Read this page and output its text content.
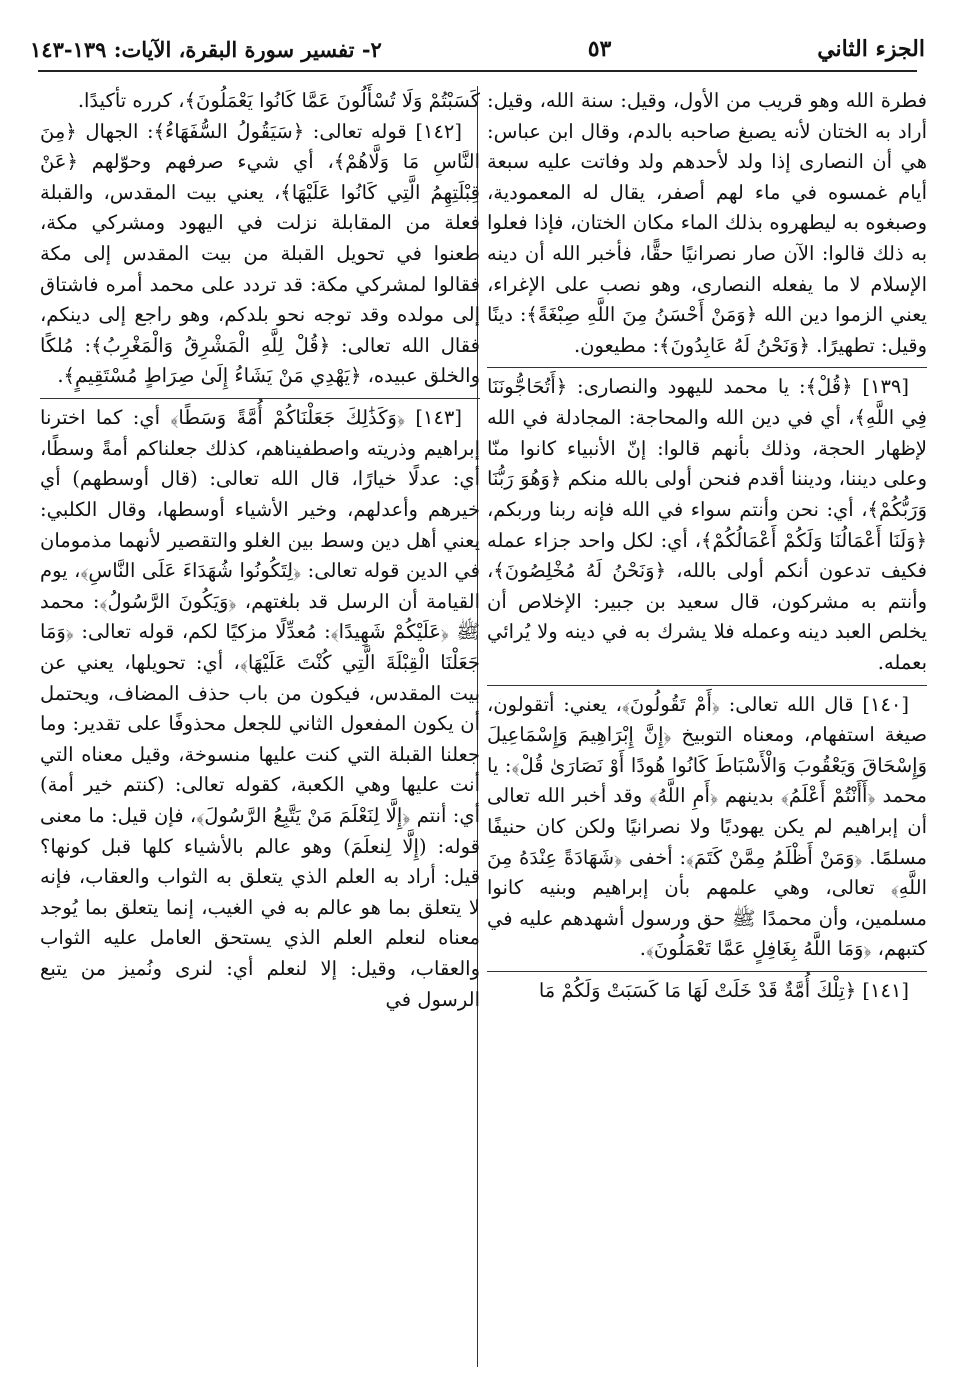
الجزء الثاني
٥٣
٢- تفسير سورة البقرة، الآيات: ١٣٩-١٤٣

فطرة الله وهو قريب من الأول، وقيل: سنة الله، وقيل: أراد به الختان لأنه يصبغ صاحبه بالدم، وقال ابن عباس: هي أن النصارى إذا ولد لأحدهم ولد وفاتت عليه سبعة أيام غمسوه في ماء لهم أصفر، يقال له المعمودية، وصبغوه به ليطهروه بذلك الماء مكان الختان، فإذا فعلوا به ذلك قالوا: الآن صار نصرانيًا حقًّا، فأخبر الله أن دينه الإسلام لا ما يفعله النصارى، وهو نصب على الإغراء، يعني الزموا دين الله ﴿وَمَنْ أَحْسَنُ مِنَ اللَّهِ صِبْغَةً﴾: دينًا وقيل: تطهيرًا. ﴿وَنَحْنُ لَهُ عَابِدُونَ﴾: مطيعون.

[١٣٩] ﴿قُلْ﴾: يا محمد لليهود والنصارى: ﴿أَتُحَاجُّونَنَا فِي اللَّهِ﴾، أي في دين الله والمحاجة: المجادلة في الله لإظهار الحجة، وذلك بأنهم قالوا: إنّ الأنبياء كانوا منّا وعلى ديننا، وديننا أقدم فنحن أولى بالله منكم ﴿وَهُوَ رَبُّنَا وَرَبُّكُمْ﴾، أي: نحن وأنتم سواء في الله فإنه ربنا وربكم، ﴿وَلَنَا أَعْمَالُنَا وَلَكُمْ أَعْمَالُكُمْ﴾، أي: لكل واحد جزاء عمله فكيف تدعون أنكم أولى بالله، ﴿وَنَحْنُ لَهُ مُخْلِصُونَ﴾، وأنتم به مشركون، قال سعيد بن جبير: الإخلاص أن يخلص العبد دينه وعمله فلا يشرك به في دينه ولا يُرائي بعمله.

[١٤٠] قال الله تعالى: ﴿أَمْ تَقُولُونَ﴾، يعني: أتقولون، صيغة استفهام، ومعناه التوبيخ ﴿إِنَّ إِبْرَاهِيمَ وَإِسْمَاعِيلَ وَإِسْحَاقَ وَيَعْقُوبَ وَالْأَسْبَاطَ كَانُوا هُودًا أَوْ نَصَارَىٰ قُلْ﴾: يا محمد ﴿أَأَنْتُمْ أَعْلَمُ﴾ بدينهم ﴿أَمِ اللَّهُ﴾ وقد أخبر الله تعالى أن إبراهيم لم يكن يهوديًا ولا نصرانيًا ولكن كان حنيفًا مسلمًا. ﴿وَمَنْ أَظْلَمُ مِمَّنْ كَتَمَ﴾: أخفى ﴿شَهَادَةً عِنْدَهُ مِنَ اللَّهِ﴾ تعالى، وهي علمهم بأن إبراهيم وبنيه كانوا مسلمين، وأن محمدًا ﷺ حق ورسول أشهدهم عليه في كتبهم، ﴿وَمَا اللَّهُ بِغَافِلٍ عَمَّا تَعْمَلُونَ﴾.

[١٤١] ﴿تِلْكَ أُمَّةٌ قَدْ خَلَتْ لَهَا مَا كَسَبَتْ وَلَكُمْ مَا

كَسَبْتُمْ وَلَا تُسْأَلُونَ عَمَّا كَانُوا يَعْمَلُونَ﴾، كرره تأكيدًا.

[١٤٢] قوله تعالى: ﴿سَيَقُولُ السُّفَهَاءُ﴾: الجهال ﴿مِنَ النَّاسِ مَا وَلَّاهُمْ﴾، أي شيء صرفهم وحوّلهم ﴿عَنْ قِبْلَتِهِمُ الَّتِي كَانُوا عَلَيْهَا﴾، يعني بيت المقدس، والقبلة فعلة من المقابلة نزلت في اليهود ومشركي مكة، طعنوا في تحويل القبلة من بيت المقدس إلى مكة فقالوا لمشركي مكة: قد تردد على محمد أمره فاشتاق إلى مولده وقد توجه نحو بلدكم، وهو راجع إلى دينكم، فقال الله تعالى: ﴿قُلْ لِلَّهِ الْمَشْرِقُ وَالْمَغْرِبُ﴾: مُلكًا والخلق عبيده، ﴿يَهْدِي مَنْ يَشَاءُ إِلَىٰ صِرَاطٍ مُسْتَقِيمٍ﴾.

[١٤٣] ﴿وَكَذَٰلِكَ جَعَلْنَاكُمْ أُمَّةً وَسَطًا﴾ أي: كما اخترنا إبراهيم وذريته واصطفيناهم، كذلك جعلناكم أمةً وسطًا، أي: عدلًا خيارًا، قال الله تعالى: (قال أوسطهم) أي خيرهم وأعدلهم، وخير الأشياء أوسطها، وقال الكلبي: يعني أهل دين وسط بين الغلو والتقصير لأنهما مذمومان في الدين قوله تعالى: ﴿لِتَكُونُوا شُهَدَاءَ عَلَى النَّاسِ﴾، يوم القيامة أن الرسل قد بلغتهم، ﴿وَيَكُونَ الرَّسُولُ﴾: محمد ﷺ ﴿عَلَيْكُمْ شَهِيدًا﴾: مُعدِّلًا مزكيًا لكم، قوله تعالى: ﴿وَمَا جَعَلْنَا الْقِبْلَةَ الَّتِي كُنْتَ عَلَيْهَا﴾، أي: تحويلها، يعني عن بيت المقدس، فيكون من باب حذف المضاف، ويحتمل أن يكون المفعول الثاني للجعل محذوفًا على تقدير: وما جعلنا القبلة التي كنت عليها منسوخة، وقيل معناه التي أنت عليها وهي الكعبة، كقوله تعالى: (كنتم خير أمة) أي: أنتم ﴿إِلَّا لِنَعْلَمَ مَنْ يَتَّبِعُ الرَّسُولَ﴾، فإن قيل: ما معنى قوله: (إِلَّا لِنعلَمَ) وهو عالم بالأشياء كلها قبل كونها؟ قيل: أراد به العلم الذي يتعلق به الثواب والعقاب، فإنه لا يتعلق بما هو عالم به في الغيب، إنما يتعلق بما يُوجد معناه لنعلم العلم الذي يستحق العامل عليه الثواب والعقاب، وقيل: إلا لنعلم أي: لنرى ونُميز من يتبع الرسول في
